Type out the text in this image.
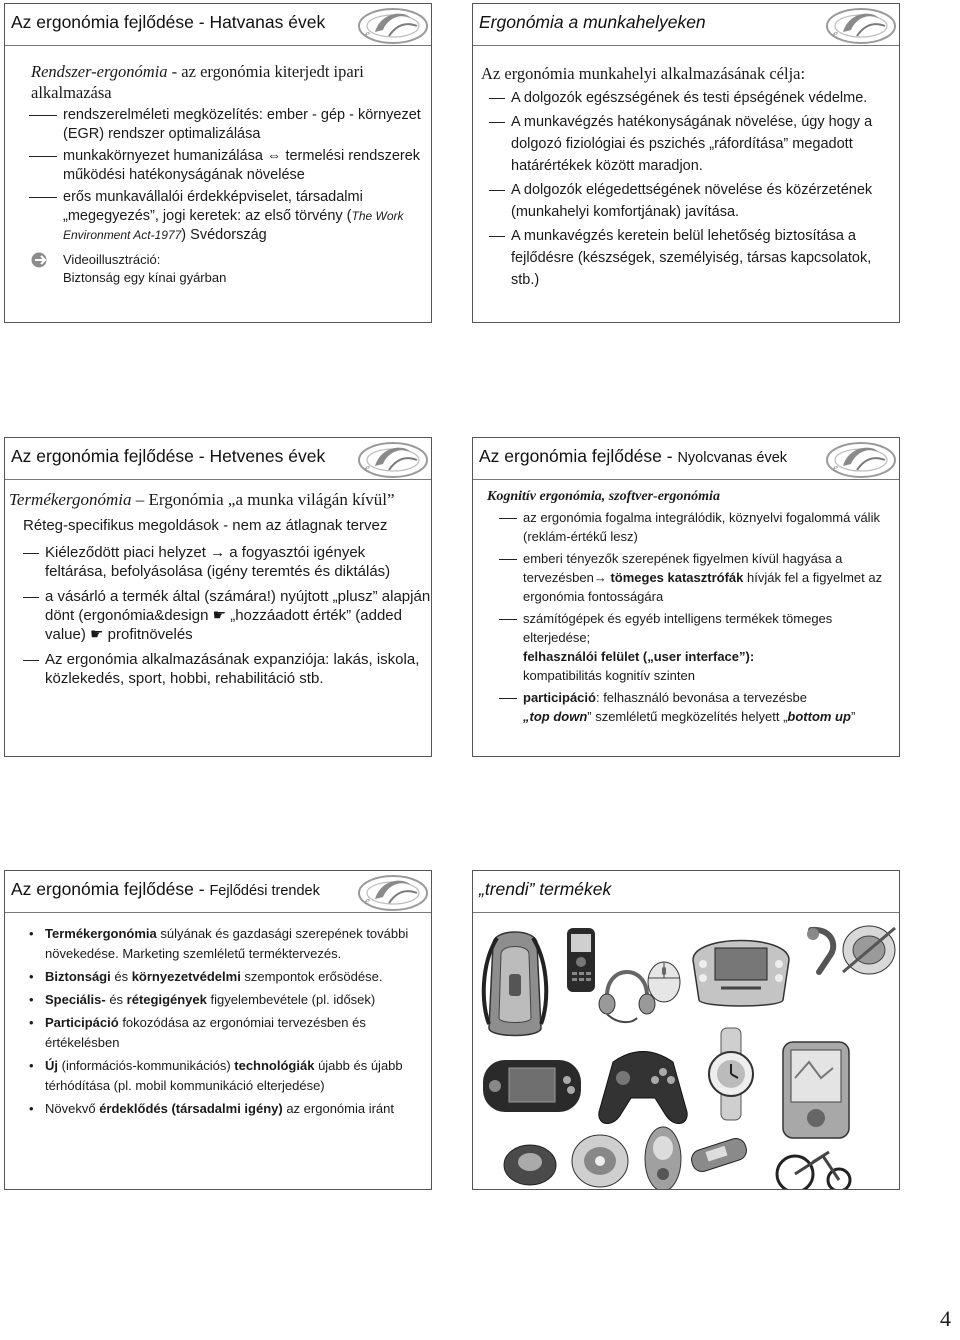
Az ergonómia fejlődése - Hatvanas évek
Rendszer-ergonómia - az ergonómia kiterjedt ipari alkalmazása
rendszerelméleti megközelítés: ember - gép - környezet (EGR) rendszer optimalizálása
munkakörnyezet humanizálása ⇔ termelési rendszerek működési hatékonyságának növelése
erős munkavállalói érdekképviselet, társadalmi „megegyezés”, jogi keretek: az első törvény (The Work Environment Act-1977) Svédország
Videoillusztráció:
Biztonság egy kínai gyárban
Ergonómia a munkahelyeken
Az ergonómia munkahelyi alkalmazásának célja:
A dolgozók egészségének és testi épségének védelme.
A munkavégzés hatékonyságának növelése, úgy hogy a dolgozó fiziológiai és pszichés „ráfordítása” megadott határértékek között maradjon.
A dolgozók elégedettségének növelése és közérzetének (munkahelyi komfortjának) javítása.
A munkavégzés keretein belül lehetőség biztosítása a fejlődésre (készségek, személyiség, társas kapcsolatok, stb.)
Az ergonómia fejlődése - Hetvenes évek
Termékergonómia – Ergonómia „a munka világán kívül”
Réteg-specifikus megoldások - nem az átlagnak tervez
Kiéleződött piaci helyzet → a fogyasztói igények feltárása, befolyásolása (igény teremtés és diktálás)
a vásárló a termék által (számára!) nyújtott „plusz” alapján dönt (ergonómia&design ☛ „hozzáadott érték” (added value) ☛ profitnövelés
Az ergonómia alkalmazásának expanziója: lakás, iskola, közlekedés, sport, hobbi, rehabilitáció stb.
Az ergonómia fejlődése - Nyolcvanas évek
Kognitív ergonómia, szoftver-ergonómia
az ergonómia fogalma integrálódik, köznyelvi fogalommá válik (reklám-értékű lesz)
emberi tényezők szerepének figyelmen kívül hagyása a tervezésben→ tömeges katasztrófák hívják fel a figyelmet az ergonómia fontosságára
számítógépek és egyéb intelligens termékek tömeges elterjedése;
felhasználói felület („user interface”):
kompatibilitás kognitív szinten
participáció: felhasználó bevonása a tervezésbe
„top down” szemléletű megközelítés helyett „bottom up”
Az ergonómia fejlődése - Fejlődési trendek
• Termékergonómia súlyának és gazdasági szerepének további növekedése. Marketing szemléletű terméktervezés.
• Biztonsági és környezetvédelmi szempontok erősödése.
• Speciális- és rétegigények figyelembevétele (pl. idősek)
• Participáció fokozódása az ergonómiai tervezésben és értékelésben
• Új (információs-kommunikációs) technológiák újabb és újabb térhódítása (pl. mobil kommunikáció elterjedése)
• Növekvő érdeklődés (társadalmi igény) az ergonómia iránt
„trendi” termékek
4
